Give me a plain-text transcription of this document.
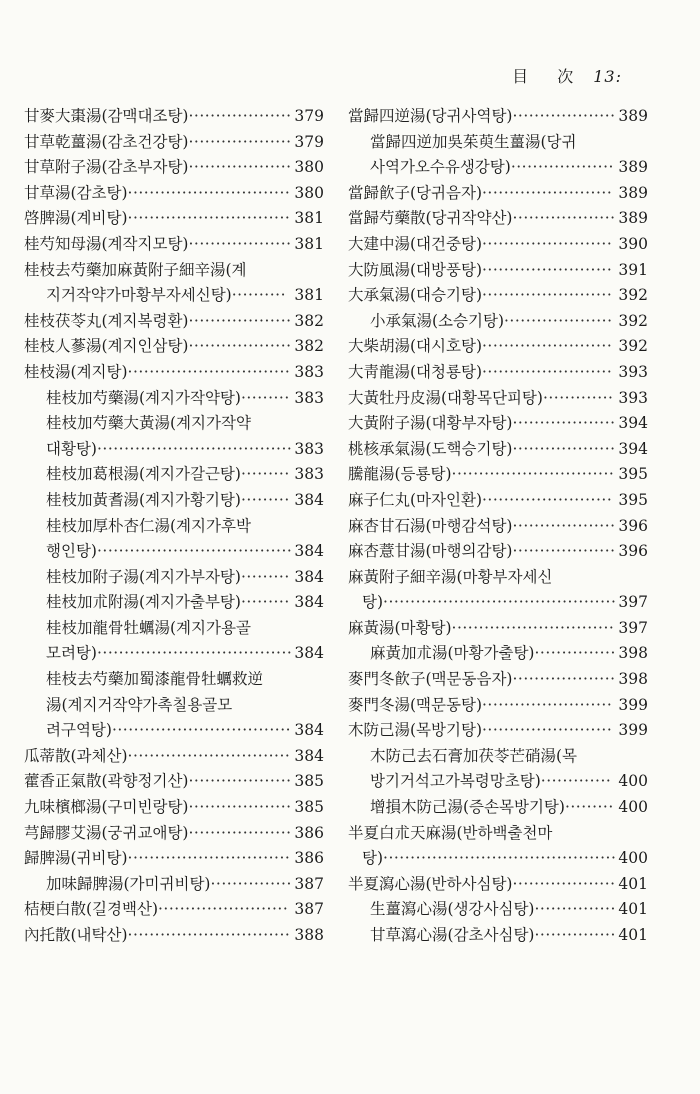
目 次 13:
甘麥大棗湯(감맥대조탕)··················· 379
甘草乾薑湯(감초건강탕)··················· 379
甘草附子湯(감초부자탕)··················· 380
甘草湯(감초탕)······························ 380
啓脾湯(계비탕)······························ 381
桂芍知母湯(계작지모탕)··················· 381
桂枝去芍藥加麻黃附子細辛湯(계
지거작약가마황부자세신탕)·········· 381
桂枝茯苓丸(계지복령환)··················· 382
桂枝人蔘湯(계지인삼탕)··················· 382
桂枝湯(계지탕)······························ 383
桂枝加芍藥湯(계지가작약탕)········· 383
桂枝加芍藥大黃湯(계지가작약
대황탕)···································· 383
桂枝加葛根湯(계지가갈근탕)········· 383
桂枝加黃耆湯(계지가황기탕)········· 384
桂枝加厚朴杏仁湯(계지가후박
행인탕)···································· 384
桂枝加附子湯(계지가부자탕)········· 384
桂枝加朮附湯(계지가출부탕)········· 384
桂枝加龍骨牡蠣湯(계지가용골
모려탕)···································· 384
桂枝去芍藥加蜀漆龍骨牡蠣救逆
湯(계지거작약가촉칠용골모
려구역탕)································· 384
瓜蒂散(과체산)······························ 384
藿香正氣散(곽향정기산)··················· 385
九味檳榔湯(구미빈랑탕)··················· 385
芎歸膠艾湯(궁귀교애탕)··················· 386
歸脾湯(귀비탕)······························ 386
加味歸脾湯(가미귀비탕)··············· 387
桔梗白散(길경백산)························ 387
內托散(내탁산)······························ 388
當歸四逆湯(당귀사역탕)··················· 389
當歸四逆加吳茱萸生薑湯(당귀
사역가오수유생강탕)··················· 389
當歸飮子(당귀음자)························ 389
當歸芍藥散(당귀작약산)··················· 389
大建中湯(대건중탕)························ 390
大防風湯(대방풍탕)························ 391
大承氣湯(대승기탕)························ 392
小承氣湯(소승기탕)···················· 392
大柴胡湯(대시호탕)························ 392
大靑龍湯(대청룡탕)························ 393
大黃牡丹皮湯(대황목단피탕)············· 393
大黃附子湯(대황부자탕)··················· 394
桃核承氣湯(도핵승기탕)··················· 394
騰龍湯(등룡탕)······························ 395
麻子仁丸(마자인환)························ 395
麻杏甘石湯(마행감석탕)··················· 396
麻杏薏甘湯(마행의감탕)··················· 396
麻黃附子細辛湯(마황부자세신
탕)··········································· 397
麻黃湯(마황탕)······························ 397
麻黃加朮湯(마황가출탕)··············· 398
麥門冬飮子(맥문동음자)··················· 398
麥門冬湯(맥문동탕)························ 399
木防己湯(목방기탕)························ 399
木防己去石膏加茯苓芒硝湯(목
방기거석고가복령망초탕)············· 400
增損木防己湯(증손목방기탕)········· 400
半夏白朮天麻湯(반하백출천마
탕)··········································· 400
半夏瀉心湯(반하사심탕)··················· 401
生薑瀉心湯(생강사심탕)··············· 401
甘草瀉心湯(감초사심탕)··············· 401
